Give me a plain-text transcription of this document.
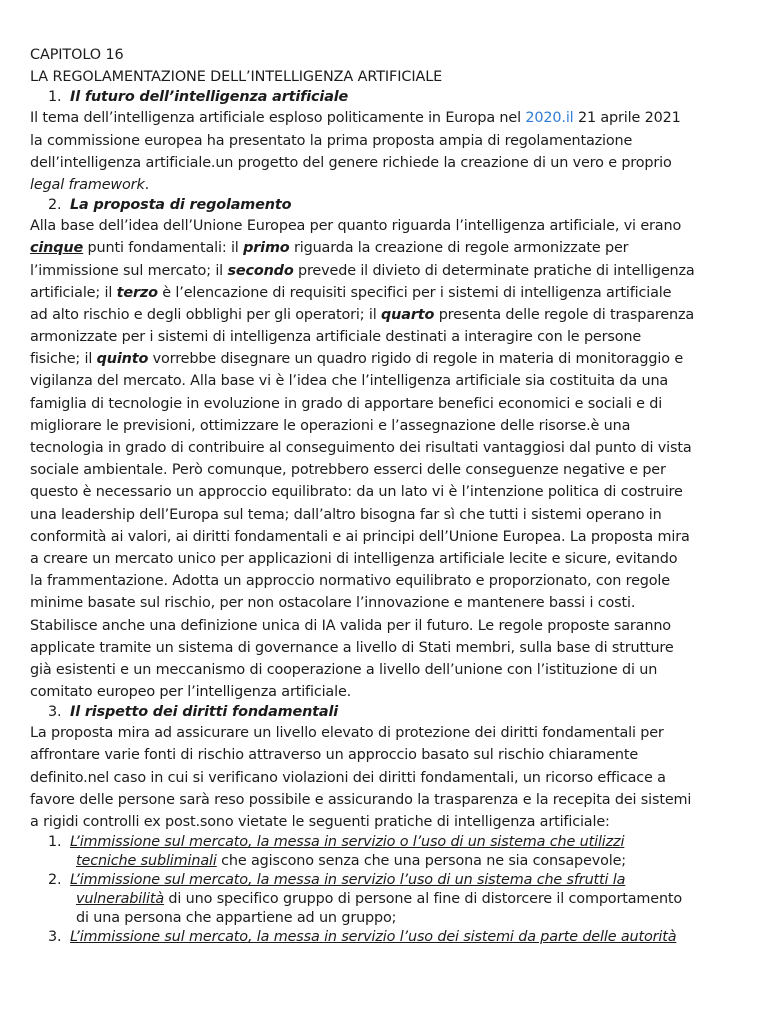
CAPITOLO 16
LA REGOLAMENTAZIONE DELL’INTELLIGENZA ARTIFICIALE
1. Il futuro dell’intelligenza artificiale
Il tema dell’intelligenza artificiale esploso politicamente in Europa nel 2020.il 21 aprile 2021
la commissione europea ha presentato la prima proposta ampia di regolamentazione
dell’intelligenza artificiale.un progetto del genere richiede la creazione di un vero e proprio
legal framework.
2. La proposta di regolamento
Alla base dell’idea dell’Unione Europea per quanto riguarda l’intelligenza artificiale, vi erano
cinque punti fondamentali: il primo riguarda la creazione di regole armonizzate per
l’immissione sul mercato; il secondo prevede il divieto di determinate pratiche di intelligenza
artificiale; il terzo è l’elencazione di requisiti specifici per i sistemi di intelligenza artificiale
ad alto rischio e degli obblighi per gli operatori; il quarto presenta delle regole di trasparenza
armonizzate per i sistemi di intelligenza artificiale destinati a interagire con le persone
fisiche; il quinto vorrebbe disegnare un quadro rigido di regole in materia di monitoraggio e
vigilanza del mercato. Alla base vi è l’idea che l’intelligenza artificiale sia costituita da una
famiglia di tecnologie in evoluzione in grado di apportare benefici economici e sociali e di
migliorare le previsioni, ottimizzare le operazioni e l’assegnazione delle risorse.è una
tecnologia in grado di contribuire al conseguimento dei risultati vantaggiosi dal punto di vista
sociale ambientale. Però comunque, potrebbero esserci delle conseguenze negative e per
questo è necessario un approccio equilibrato: da un lato vi è l’intenzione politica di costruire
una leadership dell’Europa sul tema; dall’altro bisogna far sì che tutti i sistemi operano in
conformità ai valori, ai diritti fondamentali e ai principi dell’Unione Europea. La proposta mira
a creare un mercato unico per applicazioni di intelligenza artificiale lecite e sicure, evitando
la frammentazione. Adotta un approccio normativo equilibrato e proporzionato, con regole
minime basate sul rischio, per non ostacolare l’innovazione e mantenere bassi i costi.
Stabilisce anche una definizione unica di IA valida per il futuro. Le regole proposte saranno
applicate tramite un sistema di governance a livello di Stati membri, sulla base di strutture
già esistenti e un meccanismo di cooperazione a livello dell’unione con l’istituzione di un
comitato europeo per l’intelligenza artificiale.
3. Il rispetto dei diritti fondamentali
La proposta mira ad assicurare un livello elevato di protezione dei diritti fondamentali per
affrontare varie fonti di rischio attraverso un approccio basato sul rischio chiaramente
definito.nel caso in cui si verificano violazioni dei diritti fondamentali, un ricorso efficace a
favore delle persone sarà reso possibile e assicurando la trasparenza e la recepita dei sistemi
a rigidi controlli ex post.sono vietate le seguenti pratiche di intelligenza artificiale:
1. L’immissione sul mercato, la messa in servizio o l’uso di un sistema che utilizzi
tecniche subliminali che agiscono senza che una persona ne sia consapevole;
2. L’immissione sul mercato, la messa in servizio l’uso di un sistema che sfrutti la
vulnerabilità di uno specifico gruppo di persone al fine di distorcere il comportamento
di una persona che appartiene ad un gruppo;
3. L’immissione sul mercato, la messa in servizio l’uso dei sistemi da parte delle autorità
